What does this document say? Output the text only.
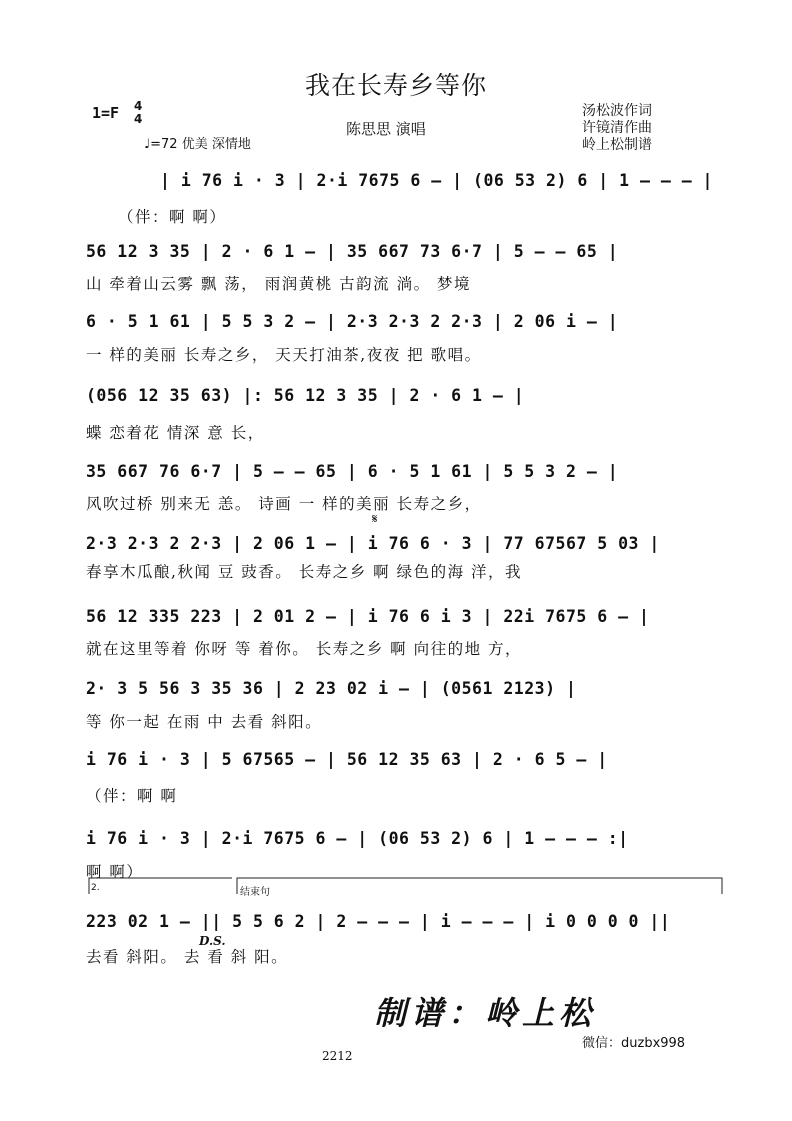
我在长寿乡等你
1=F 4
4
♩=72 优美 深情地
陈思思 演唱
汤松波作词
许镜清作曲
岭上松制谱
| i 76 i · 3 | 2·i 7675 6 – | (06 53 2) 6 | 1 – – – |
（伴：啊 啊）
56 12 3 35 | 2 · 6 1 – | 35 667 73 6·7 | 5 – – 65 |
山 牵着山云雾 飘 荡， 雨润黄桃 古韵流 淌。 梦境
6 · 5 1 61 | 5 5 3 2 – | 2·3 2·3 2 2·3 | 2 06 i – |
一 样的美丽 长寿之乡， 天天打油茶,夜夜 把 歌唱。
(056 12 35 63) |: 56 12 3 35 | 2 · 6 1 – |
蝶 恋着花 情深 意 长，
35 667 76 6·7 | 5 – – 65 | 6 · 5 1 61 | 5 5 3 2 – |
风吹过桥 别来无 恙。 诗画 一 样的美丽 长寿之乡，
2·3 2·3 2 2·3 | 2 06 1 – | i 76 6 · 3 | 77 67567 5 03 |
春享木瓜酿,秋闻 豆 豉香。 长寿之乡 啊 绿色的海 洋，我
56 12 335 223 | 2 01 2 – | i 76 6 i 3 | 22i 7675 6 – |
就在这里等着 你呀 等 着你。 长寿之乡 啊 向往的地 方，
2· 3 5 56 3 35 36 | 2 23 02 i – | (0561 2123) |
等 你一起 在雨 中 去看 斜阳。
i 76 i · 3 | 5 67565 – | 56 12 35 63 | 2 · 6 5 – |
（伴：啊 啊
i 76 i · 3 | 2·i 7675 6 – | (06 53 2) 6 | 1 – – – :|
啊 啊）
223 02 1 – || 5 5 6 2 | 2 – – – | i – – – | i 0 0 0 0 ||
去看 斜阳。 去 看 斜 阳。
2.	结束句
D.S.
𝄋
制谱：岭上松
微信：duzbx998
2212
